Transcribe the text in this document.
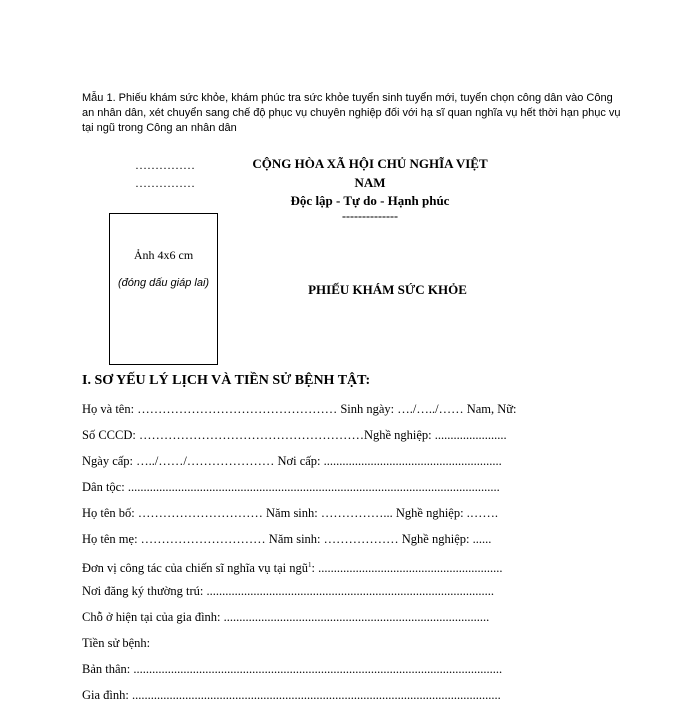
Mẫu 1. Phiếu khám sức khỏe, khám phúc tra sức khỏe tuyển sinh tuyển mới, tuyển chọn công dân vào Công an nhân dân, xét chuyển sang chế độ phục vụ chuyên nghiệp đối với hạ sĩ quan nghĩa vụ hết thời hạn phục vụ tại ngũ trong Công an nhân dân

……………
……………
CỘNG HÒA XÃ HỘI CHỦ NGHĨA VIỆT NAM
Độc lập - Tự do - Hạnh phúc
--------------
Ảnh 4x6 cm
(đóng dấu giáp lai)	PHIẾU KHÁM SỨC KHỎE
I. SƠ YẾU LÝ LỊCH VÀ TIỀN SỬ BỆNH TẬT:
Họ và tên: ………………………………………… Sinh ngày: …./…../…… Nam, Nữ:
Số CCCD: ………………………………………………Nghề nghiệp: .......................
Ngày cấp: …../……/………………… Nơi cấp: .........................................................
Dân tộc: .......................................................................................................................
Họ tên bố: ………………………… Năm sinh: ……………... Nghề nghiệp: .…….
Họ tên mẹ: ………………………… Năm sinh: ……………… Nghề nghiệp: ......
Đơn vị công tác của chiến sĩ nghĩa vụ tại ngũ$^1$: ...........................................................
Nơi đăng ký thường trú: ............................................................................................
Chỗ ở hiện tại của gia đình: .....................................................................................
Tiền sử bệnh:
Bản thân: ......................................................................................................................
Gia đình: ......................................................................................................................
